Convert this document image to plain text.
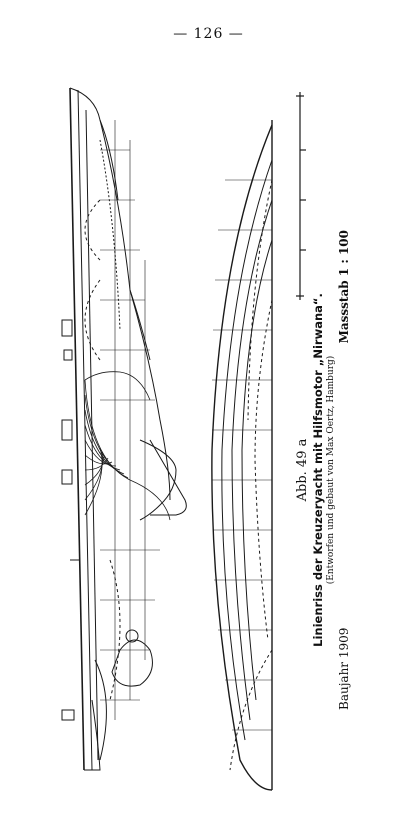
— 126 —
Abb. 49 a Linienriss der Kreuzeryacht mit Hilfsmotor „Nirwana“. (Entworfen und gebaut von Max Oertz, Hamburg)
Baujahr 1909
Massstab 1 : 100
